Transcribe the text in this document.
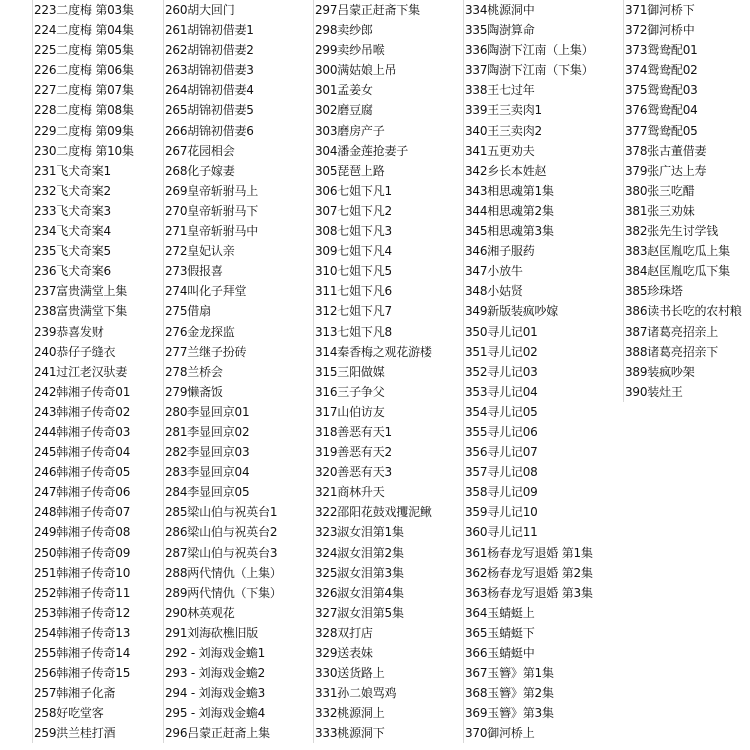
223二度梅 第03集
224二度梅 第04集
225二度梅 第05集
226二度梅 第06集
227二度梅 第07集
228二度梅 第08集
229二度梅 第09集
230二度梅 第10集
231飞犬奇案1
232飞犬奇案2
233飞犬奇案3
234飞犬奇案4
235飞犬奇案5
236飞犬奇案6
237富贵满堂上集
238富贵满堂下集
239恭喜发财
240恭仔子缝衣
241过江老汉驮妻
242韩湘子传奇01
243韩湘子传奇02
244韩湘子传奇03
245韩湘子传奇04
246韩湘子传奇05
247韩湘子传奇06
248韩湘子传奇07
249韩湘子传奇08
250韩湘子传奇09
251韩湘子传奇10
252韩湘子传奇11
253韩湘子传奇12
254韩湘子传奇13
255韩湘子传奇14
256韩湘子传奇15
257韩湘子化斋
258好吃堂客
259洪兰桂打酒
260胡大回门
261胡锦初借妻1
262胡锦初借妻2
263胡锦初借妻3
264胡锦初借妻4
265胡锦初借妻5
266胡锦初借妻6
267花园相会
268化子嫁妻
269皇帝斩驸马上
270皇帝斩驸马下
271皇帝斩驸马中
272皇妃认亲
273假报喜
274叫化子拜堂
275借扇
276金龙探监
277兰继子扮砖
278兰桥会
279懒斋饭
280李显回京01
281李显回京02
282李显回京03
283李显回京04
284李显回京05
285梁山伯与祝英台1
286梁山伯与祝英台2
287梁山伯与祝英台3
288两代情仇（上集）
289两代情仇（下集）
290林英观花
291刘海砍樵旧版
292 - 刘海戏金蟾1
293 - 刘海戏金蟾2
294 - 刘海戏金蟾3
295 - 刘海戏金蟾4
296吕蒙正赶斋上集
297吕蒙正赶斋下集
298卖纱郎
299卖纱吊喉
300满姑娘上吊
301孟姜女
302磨豆腐
303磨房产子
304潘金莲抢妻子
305琵琶上路
306七姐下凡1
307七姐下凡2
308七姐下凡3
309七姐下凡4
310七姐下凡5
311七姐下凡6
312七姐下凡7
313七姐下凡8
314秦香梅之观花游楼
315三阳做媒
316三子争父
317山伯访友
318善恶有天1
319善恶有天2
320善恶有天3
321商林升天
322邵阳花鼓戏攫泥鳅
323淑女泪第1集
324淑女泪第2集
325淑女泪第3集
326淑女泪第4集
327淑女泪第5集
328双打店
329送表妹
330送货路上
331孙二娘骂鸡
332桃源洞上
333桃源洞下
334桃源洞中
335陶澍算命
336陶澍下江南（上集）
337陶澍下江南（下集）
338王七过年
339王三卖肉1
340王三卖肉2
341五更劝夫
342乡长本姓赵
343相思魂第1集
344相思魂第2集
345相思魂第3集
346湘子服药
347小放牛
348小姑贤
349新版装疯吵嫁
350寻儿记01
351寻儿记02
352寻儿记03
353寻儿记04
354寻儿记05
355寻儿记06
356寻儿记07
357寻儿记08
358寻儿记09
359寻儿记10
360寻儿记11
361杨春龙写退婚 第1集
362杨春龙写退婚 第2集
363杨春龙写退婚 第3集
364玉蜻蜓上
365玉蜻蜓下
366玉蜻蜓中
367玉簪》第1集
368玉簪》第2集
369玉簪》第3集
370御河桥上
371御河桥下
372御河桥中
373鸳鸯配01
374鸳鸯配02
375鸳鸯配03
376鸳鸯配04
377鸳鸯配05
378张古董借妻
379张广达上寿
380张三吃醋
381张三劝妹
382张先生讨学钱
383赵匡胤吃瓜上集
384赵匡胤吃瓜下集
385珍珠塔
386读书长吃的农村粮
387诸葛亮招亲上
388诸葛亮招亲下
389装疯吵架
390装灶王
